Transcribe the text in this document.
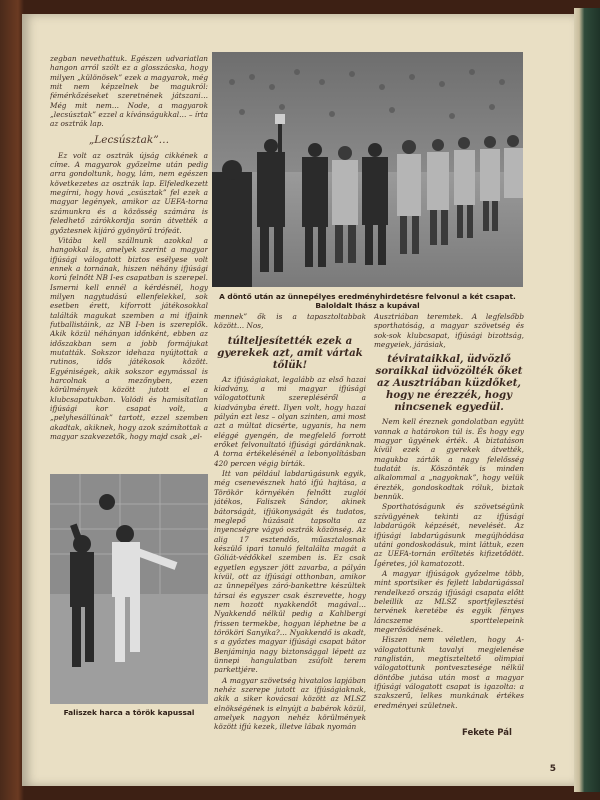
zegban nevethattuk. Egészen udvariatlan hangon arról szólt ez a glosszácska, hogy milyen „különösek” ezek a magyarok, még mit nem képzelnek be magukról: fémérkőzéseket szeretnének játszani… Még mit nem… Node, a magyarok „lecsúsztak” ezzel a kívánságukkal… – írta az osztrák lap.

„Lecsúsztak”…

Ez volt az osztrák újság cikkének a címe. A magyarok győzelme után pedig arra gondoltunk, hogy, lám, nem egészen következetes az osztrák lap. Elfeledkezett megírni, hogy hová „csúsztak” fel ezek a magyar legények, amikor az UEFA-torna számunkra és a közösség számára is feledhető zárókkordja során átvették a győztesnek kijáró gyönyörű trófeát.

Vitába kell szállnunk azokkal a hangokkal is, amelyek szerint a magyar ifjúsági válogatott biztos esélyese volt ennek a tornának, hiszen néhány ifjúsági korú felnőtt NB I-es csapatban is szerepel. Ismerni kell ennél a kérdésnél, hogy milyen nagytudású ellenfelekkel, sok esetben érett, kiforrott játékosokkal találták magukat szemben a mi ifjaink futballistáink, az NB I-ben is szereplők. Akik közül néhányan időnként, ebben az időszakban sem a jobb formájukat mutatták. Sokszor idehaza nyújtottak a rutinos, idős játékosok között. Egyéniségek, akik sokszor egymással is harcolnak a mezőnyben, ezen körülmények között jutott el a klubcsapatukban. Valódi és hamisítatlan ifjúsági kor csapat volt, a „pelyhesállúnak” tartott, ezzel szemben akadtak, akiknek, hogy azok számítottak a magyar szakvezetők, hogy majd csak „el-

A döntő után az ünnepélyes eredményhirdetésre felvonul a két csapat. Baloldalt Ihász a kupával
Faliszek harca a török kapussal

mennek” ők is a tapasztoltabbak között… Nos,

túlteljesítették ezek a gyerekek azt, amit vártak tőlük!

Az ifjúságiakat, legalább az első hazai kiadvány, a mi magyar ifjúsági válogatottunk szerepléséről a kiadványba érett. Ilyen volt, hogy hazai pályán ezt lesz – olyan szinten, ami most azt a múltat dicsérte, ugyanis, ha nem eléggé gyengén, de megfelelő forrott erőket felvonultató ifjúsági gárdánknak. A torna értékelésénél a lebonyolításban 420 percen végig bírták.

Itt van például labdarúgásunk egyik, még csenevésznek ható ifjú hajtása, a Törökör környékén felnőtt zuglói játékos, Faliszek Sándor, akinek bátorságát, ifjúkonyságát és tudatos, meglepő húzásait tapsolta az inyencségre vágyó osztrák közönség. Az alig 17 esztendős, műasztalosnak készülő ipari tanuló feltalálta magát a Góliát-védőkkel szemben is. Ez csak egyetlen egyszer jött zavarba, a pályán kívül, ott az ifjúsági otthonban, amikor az ünnepélyes záró-bankettre készültek társai és egyszer csak észrevette, hogy nem hozott nyakkendőt magával… Nyakkendő nélkül pedig a Kahlbergi frissen termekbe, hogyan léphetne be a törököri Sanyika?… Nyakkendő is akadt, s a győztes magyar ifjúsági csapat bátor Benjáminja nagy biztonsággal lépett az ünnepi hangulatban zsúfolt terem parkettjére.

A magyar szövetség hivatalos lapjában nehéz szerepe jutott az ifjúságiaknak, akik a siker kovácsai között az MLSZ elnökségének is elnyújt a babérok közül, amelyek nagyon nehéz körülmények között ifjú kezek, illetve lábak nyomán

Ausztriában teremtek. A legfelsőbb sporthatóság, a magyar szövetség és sok-sok klubcsapat, ifjúsági bizottság, megyeiek, járásiak,

tévirataikkal, üdvözlő soraikkal üdvözölték őket az Ausztriában küzdőket, hogy ne érezzék, hogy nincsenek egyedül.

Nem kell éreznek gondolatban együtt vannak a határokon túl is. És hogy egy magyar ügyének érték. A biztatáson kívül ezek a gyerekek átvették, magukba zárták a nagy felelősség tudatát is. Köszönték is minden alkalommal a „nagyoknak”, hogy velük érezték, gondoskodtak róluk, biztak bennük.

Sporthatóságunk és szövetségünk szívügyének tekinti az ifjúsági labdarúgók képzését, nevelését. Az ifjúsági labdarúgásunk megújhódása utáni gondoskodásuk, mint láttuk, ezen az UEFA-tornán erőltetés kifizetődött. Ígéretes, jól kamatozott.

A magyar ifjúságok győzelme több, mint sportsiker és fejlett labdarúgással rendelkező ország ifjúsági csapata előtt beleillik az MLSZ sportfejlesztési tervének keretébe és egyik fényes láncszeme sporttelepeink megerősödésének.

Hiszen nem véletlen, hogy A-válogatottunk tavalyi megjelenése ranglistán, megtiszteltető olimpiai válogatottunk pontvesztesége nélkül döntőbe jutása után most a magyar ifjúsági válogatott csapat is igazolta: a szakszerű, lelkes munkának értékes eredményei születnek.

Fekete Pál
5
